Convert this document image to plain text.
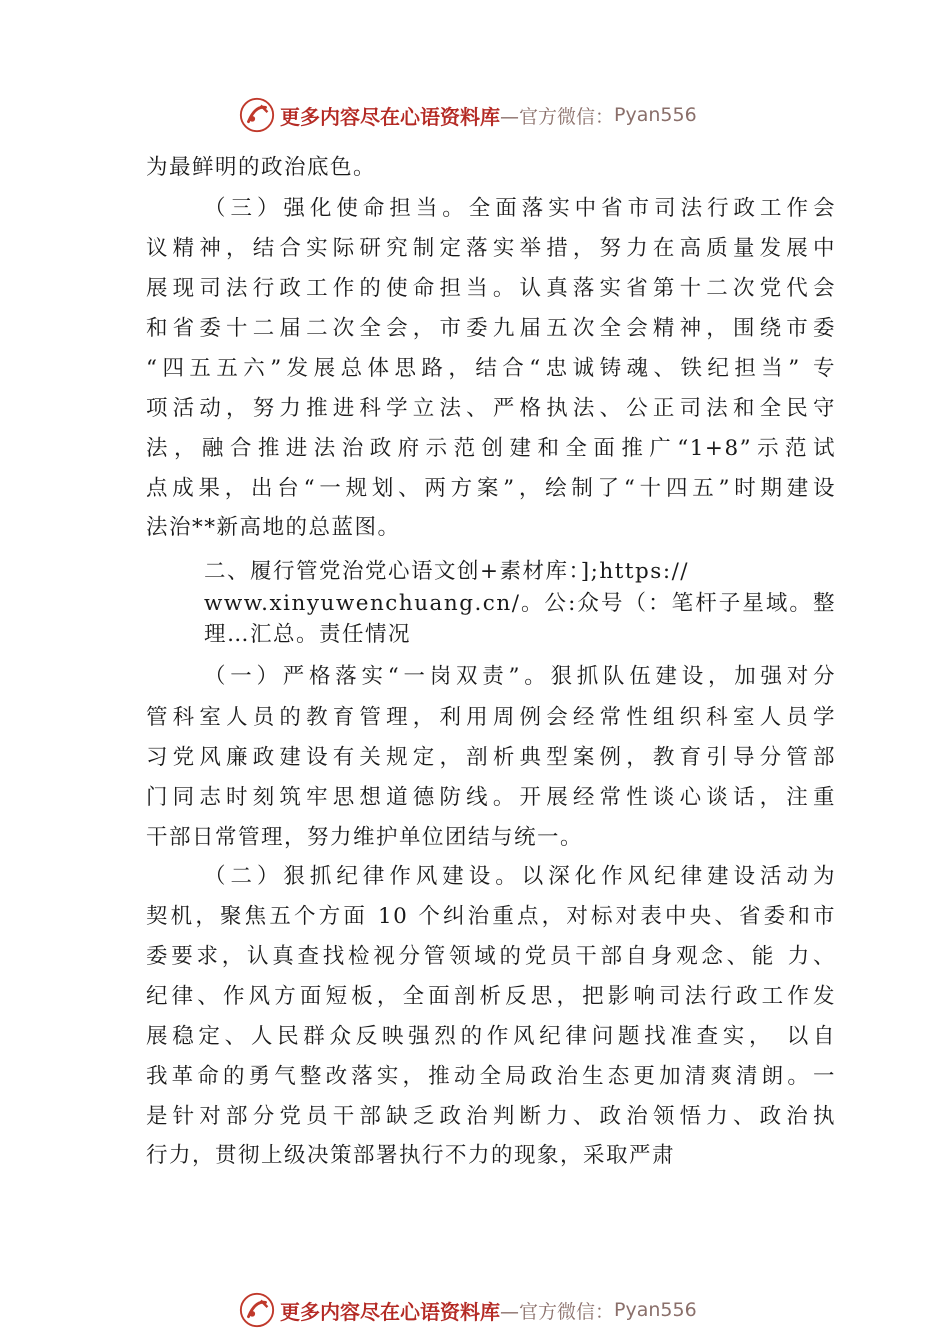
更多内容尽在心语资料库 —官方微信： Pyan556
为最鲜明的政治底色。
（三）强化使命担当。全面落实中省市司法行政工作会
议精神，结合实际研究制定落实举措，努力在高质量发展中
展现司法行政工作的使命担当。认真落实省第十二次党代会
和省委十二届二次全会，市委九届五次全会精神，围绕市委
“四五五六”发展总体思路，结合“忠诚铸魂、铁纪担当” 专
项活动，努力推进科学立法、严格执法、公正司法和全民守
法，融合推进法治政府示范创建和全面推广“1+8”示范试
点成果，出台“一规划、两方案”，绘制了“十四五”时期建设
法治**新高地的总蓝图。
二、履行管党治党心语文创+素材库：];https://
www.xinyuwenchuang.cn/。公:众号（：笔杆子星域。整
理…汇总。责任情况
（一）严格落实“一岗双责”。狠抓队伍建设，加强对分
管科室人员的教育管理，利用周例会经常性组织科室人员学
习党风廉政建设有关规定，剖析典型案例，教育引导分管部
门同志时刻筑牢思想道德防线。开展经常性谈心谈话，注重
干部日常管理，努力维护单位团结与统一。
（二）狠抓纪律作风建设。以深化作风纪律建设活动为
契机，聚焦五个方面 10 个纠治重点，对标对表中央、省委和市
委要求，认真查找检视分管领域的党员干部自身观念、能 力、
纪律、作风方面短板，全面剖析反思，把影响司法行政工作发
展稳定、人民群众反映强烈的作风纪律问题找准查实， 以自
我革命的勇气整改落实，推动全局政治生态更加清爽清朗。一
是针对部分党员干部缺乏政治判断力、政治领悟力、政治执
行力，贯彻上级决策部署执行不力的现象，采取严肃
更多内容尽在心语资料库 —官方微信： Pyan556
